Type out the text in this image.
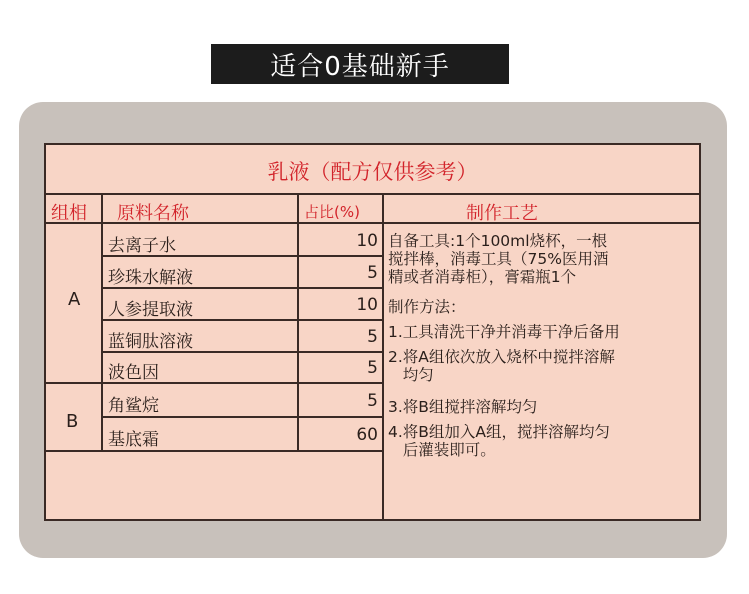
适合0基础新手
乳液（配方仅供参考）
组相 原料名称	占比(%)	制作工艺
A
去离子水	10
珍珠水解液	5
人参提取液	10
蓝铜肽溶液	5
波色因	5
B
角鲨烷	5
基底霜	60
自备工具:1个100ml烧杯，一根
搅拌棒，消毒工具（75%医用酒
精或者消毒柜），膏霜瓶1个
制作方法：
1.工具清洗干净并消毒干净后备用
2.将A组依次放入烧杯中搅拌溶解
均匀
3.将B组搅拌溶解均匀
4.将B组加入A组，搅拌溶解均匀
后灌装即可。
